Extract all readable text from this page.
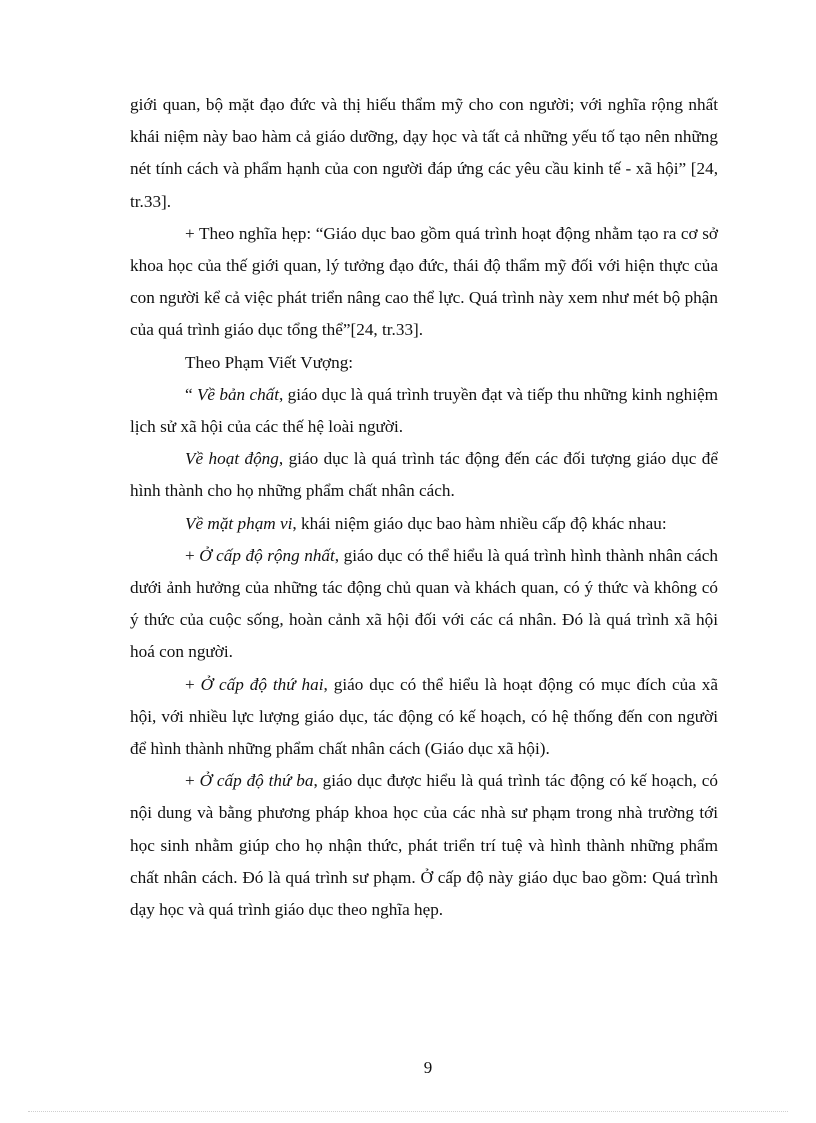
giới quan, bộ mặt đạo đức và thị hiếu thẩm mỹ cho con người; với nghĩa rộng nhất khái niệm này bao hàm cả giáo dưỡng, dạy học và tất cả những yếu tố tạo nên những nét tính cách và phẩm hạnh của con người đáp ứng các yêu cầu kinh tế - xã hội” [24, tr.33].

+ Theo nghĩa hẹp: “Giáo dục bao gồm quá trình hoạt động nhằm tạo ra cơ sở khoa học của thế giới quan, lý tưởng đạo đức, thái độ thẩm mỹ đối với hiện thực của con người kể cả việc phát triển nâng cao thể lực. Quá trình này xem như mét bộ phận của quá trình giáo dục tổng thể”[24, tr.33].

Theo Phạm Viết Vượng:

“ Về bản chất, giáo dục là quá trình truyền đạt và tiếp thu những kinh nghiệm lịch sử xã hội của các thế hệ loài người.

Về hoạt động, giáo dục là quá trình tác động đến các đối tượng giáo dục để hình thành cho họ những phẩm chất nhân cách.

Về mặt phạm vi, khái niệm giáo dục bao hàm nhiều cấp độ khác nhau:

+ Ở cấp độ rộng nhất, giáo dục có thể hiểu là quá trình hình thành nhân cách dưới ảnh hưởng của những tác động chủ quan và khách quan, có ý thức và không có ý thức của cuộc sống, hoàn cảnh xã hội đối với các cá nhân. Đó là quá trình xã hội hoá con người.

+ Ở cấp độ thứ hai, giáo dục có thể hiểu là hoạt động có mục đích của xã hội, với nhiều lực lượng giáo dục, tác động có kế hoạch, có hệ thống đến con người để hình thành những phẩm chất nhân cách (Giáo dục xã hội).

+ Ở cấp độ thứ ba, giáo dục được hiểu là quá trình tác động có kế hoạch, có nội dung và bằng phương pháp khoa học của các nhà sư phạm trong nhà trường tới học sinh nhằm giúp cho họ nhận thức, phát triển trí tuệ và hình thành những phẩm chất nhân cách. Đó là quá trình sư phạm. Ở cấp độ này giáo dục bao gồm: Quá trình dạy học và quá trình giáo dục theo nghĩa hẹp.

9
